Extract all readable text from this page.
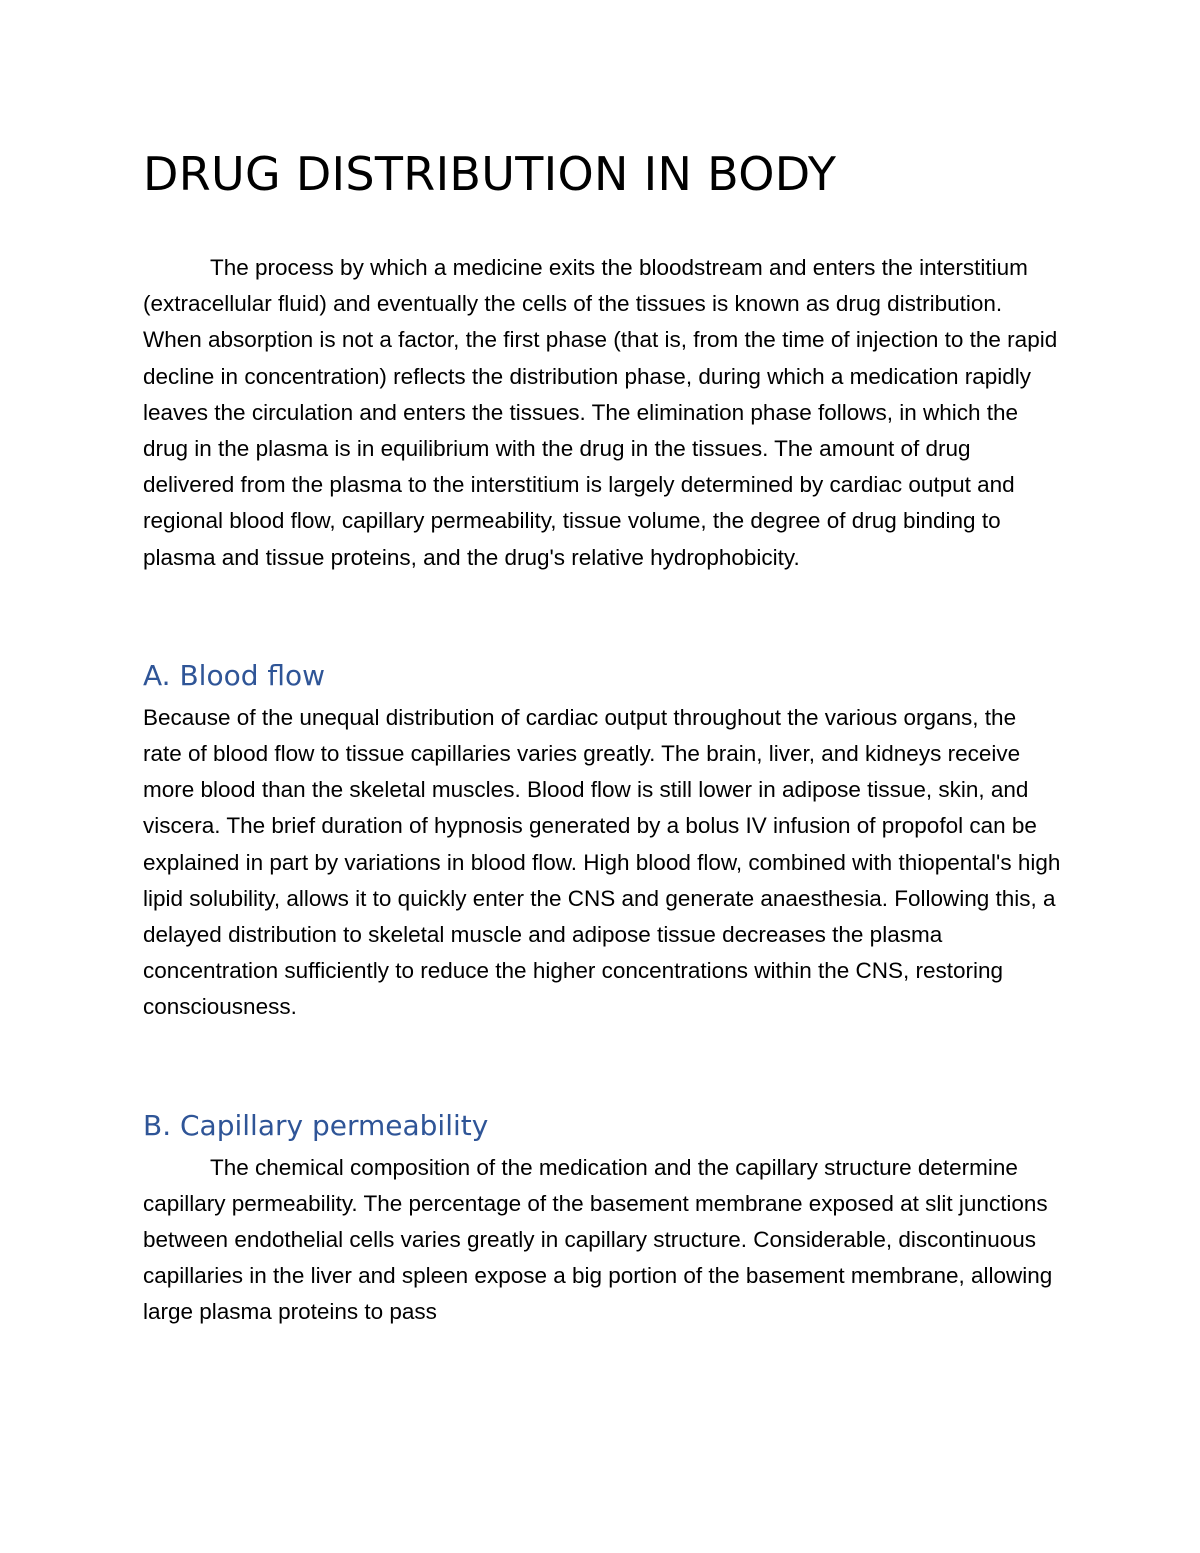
DRUG DISTRIBUTION IN BODY

The process by which a medicine exits the bloodstream and enters the interstitium (extracellular fluid) and eventually the cells of the tissues is known as drug distribution. When absorption is not a factor, the first phase (that is, from the time of injection to the rapid decline in concentration) reflects the distribution phase, during which a medication rapidly leaves the circulation and enters the tissues. The elimination phase follows, in which the drug in the plasma is in equilibrium with the drug in the tissues. The amount of drug delivered from the plasma to the interstitium is largely determined by cardiac output and regional blood flow, capillary permeability, tissue volume, the degree of drug binding to plasma and tissue proteins, and the drug's relative hydrophobicity.

A. Blood flow

Because of the unequal distribution of cardiac output throughout the various organs, the rate of blood flow to tissue capillaries varies greatly. The brain, liver, and kidneys receive more blood than the skeletal muscles. Blood flow is still lower in adipose tissue, skin, and viscera. The brief duration of hypnosis generated by a bolus IV infusion of propofol can be explained in part by variations in blood flow. High blood flow, combined with thiopental's high lipid solubility, allows it to quickly enter the CNS and generate anaesthesia. Following this, a delayed distribution to skeletal muscle and adipose tissue decreases the plasma concentration sufficiently to reduce the higher concentrations within the CNS, restoring consciousness.

B. Capillary permeability

The chemical composition of the medication and the capillary structure determine capillary permeability. The percentage of the basement membrane exposed at slit junctions between endothelial cells varies greatly in capillary structure. Considerable, discontinuous capillaries in the liver and spleen expose a big portion of the basement membrane, allowing large plasma proteins to pass
